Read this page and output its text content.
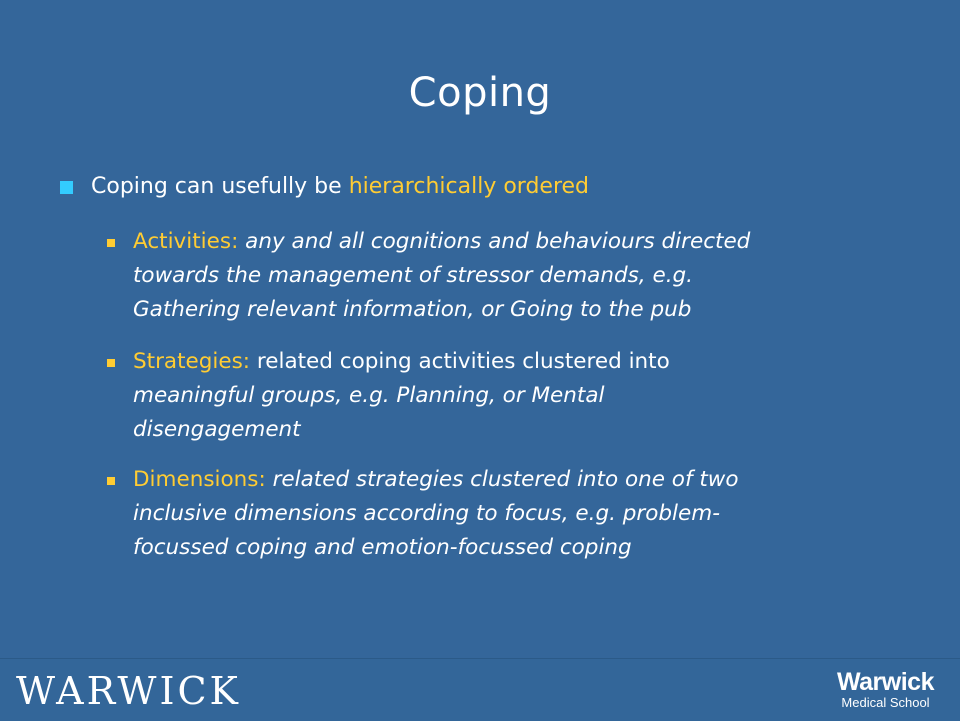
Coping
Coping can usefully be hierarchically ordered
Activities: any and all cognitions and behaviours directed
towards the management of stressor demands, e.g.
Gathering relevant information, or Going to the pub
Strategies: related coping activities clustered into
meaningful groups, e.g. Planning, or Mental
disengagement
Dimensions: related strategies clustered into one of two
inclusive dimensions according to focus, e.g. problem-
focussed coping and emotion-focussed coping
WARWICK	Warwick
Medical School
